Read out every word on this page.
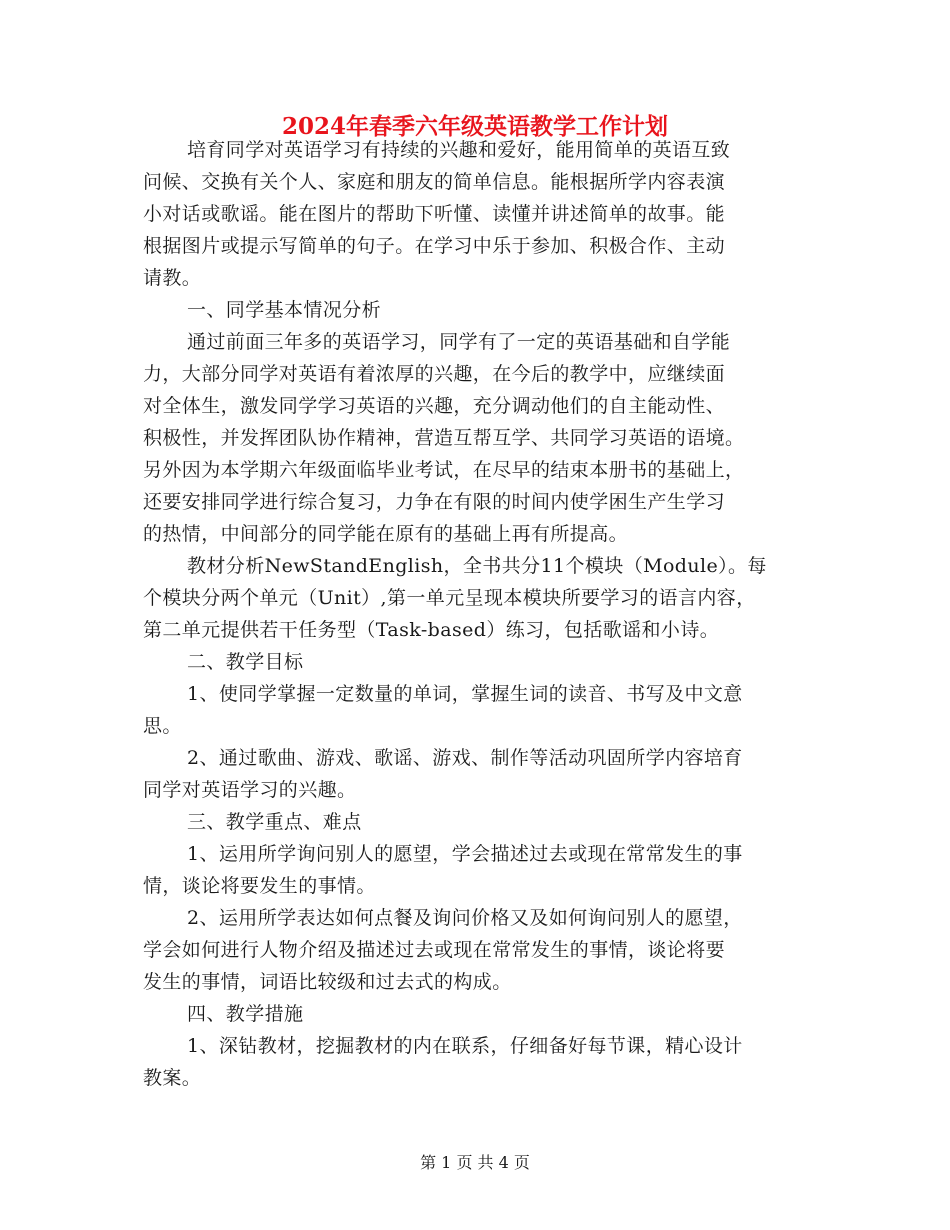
2024年春季六年级英语教学工作计划
培育同学对英语学习有持续的兴趣和爱好，能用简单的英语互致
问候、交换有关个人、家庭和朋友的简单信息。能根据所学内容表演
小对话或歌谣。能在图片的帮助下听懂、读懂并讲述简单的故事。能
根据图片或提示写简单的句子。在学习中乐于参加、积极合作、主动
请教。
一、同学基本情况分析
通过前面三年多的英语学习，同学有了一定的英语基础和自学能
力，大部分同学对英语有着浓厚的兴趣，在今后的教学中，应继续面
对全体生，激发同学学习英语的兴趣，充分调动他们的自主能动性、
积极性，并发挥团队协作精神，营造互帮互学、共同学习英语的语境。
另外因为本学期六年级面临毕业考试，在尽早的结束本册书的基础上，
还要安排同学进行综合复习，力争在有限的时间内使学困生产生学习
的热情，中间部分的同学能在原有的基础上再有所提高。
教材分析NewStandEnglish，全书共分11个模块（Module）。每
个模块分两个单元（Unit）,第一单元呈现本模块所要学习的语言内容，
第二单元提供若干任务型（Task-based）练习，包括歌谣和小诗。
二、教学目标
1、使同学掌握一定数量的单词，掌握生词的读音、书写及中文意
思。
2、通过歌曲、游戏、歌谣、游戏、制作等活动巩固所学内容培育
同学对英语学习的兴趣。
三、教学重点、难点
1、运用所学询问别人的愿望，学会描述过去或现在常常发生的事
情，谈论将要发生的事情。
2、运用所学表达如何点餐及询问价格又及如何询问别人的愿望，
学会如何进行人物介绍及描述过去或现在常常发生的事情，谈论将要
发生的事情，词语比较级和过去式的构成。
四、教学措施
1、深钻教材，挖掘教材的内在联系，仔细备好每节课，精心设计
教案。
第 1 页 共 4 页
